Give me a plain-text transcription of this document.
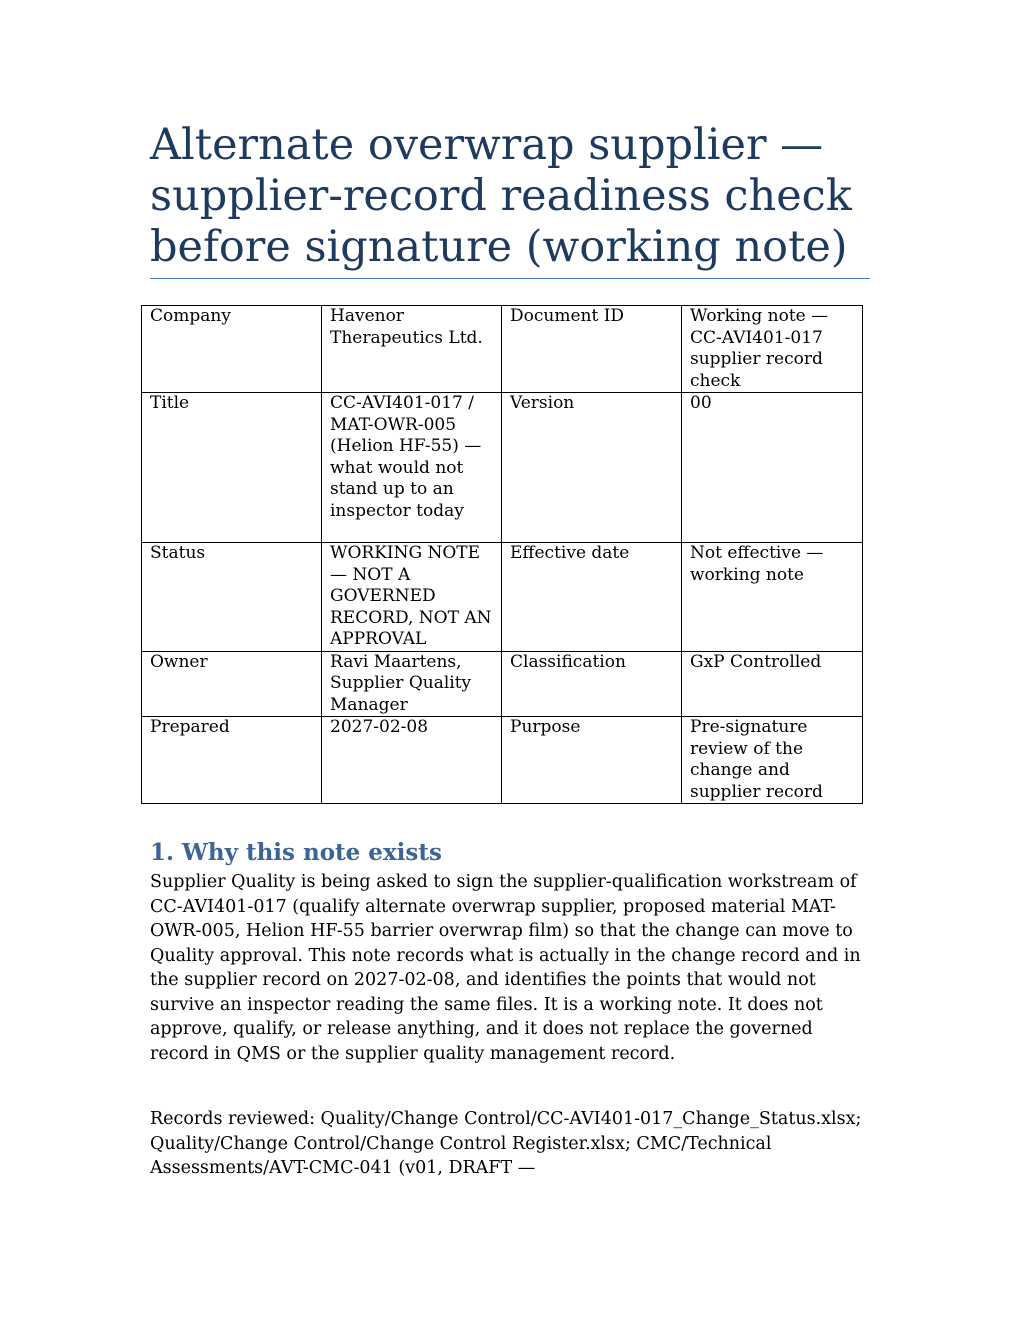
Alternate overwrap supplier — supplier-record readiness check before signature (working note)
Company	Havenor Therapeutics Ltd.	Document ID	Working note — CC-AVI401-017 supplier record check
Title	CC-AVI401-017 / MAT-OWR-005 (Helion HF-55) — what would not stand up to an inspector today	Version	00
Status	WORKING NOTE — NOT A GOVERNED RECORD, NOT AN APPROVAL	Effective date	Not effective — working note
Owner	Ravi Maartens, Supplier Quality Manager	Classification	GxP Controlled
Prepared	2027-02-08	Purpose	Pre-signature review of the change and supplier record
1. Why this note exists

Supplier Quality is being asked to sign the supplier-qualification workstream of CC-AVI401-017 (qualify alternate overwrap supplier, proposed material MAT-OWR-005, Helion HF-55 barrier overwrap film) so that the change can move to Quality approval. This note records what is actually in the change record and in the supplier record on 2027-02-08, and identifies the points that would not survive an inspector reading the same files. It is a working note. It does not approve, qualify, or release anything, and it does not replace the governed record in QMS or the supplier quality management record.

Records reviewed: Quality/Change Control/CC-AVI401-017_Change_Status.xlsx; Quality/Change Control/Change Control Register.xlsx; CMC/Technical Assessments/AVT-CMC-041 (v01, DRAFT —
